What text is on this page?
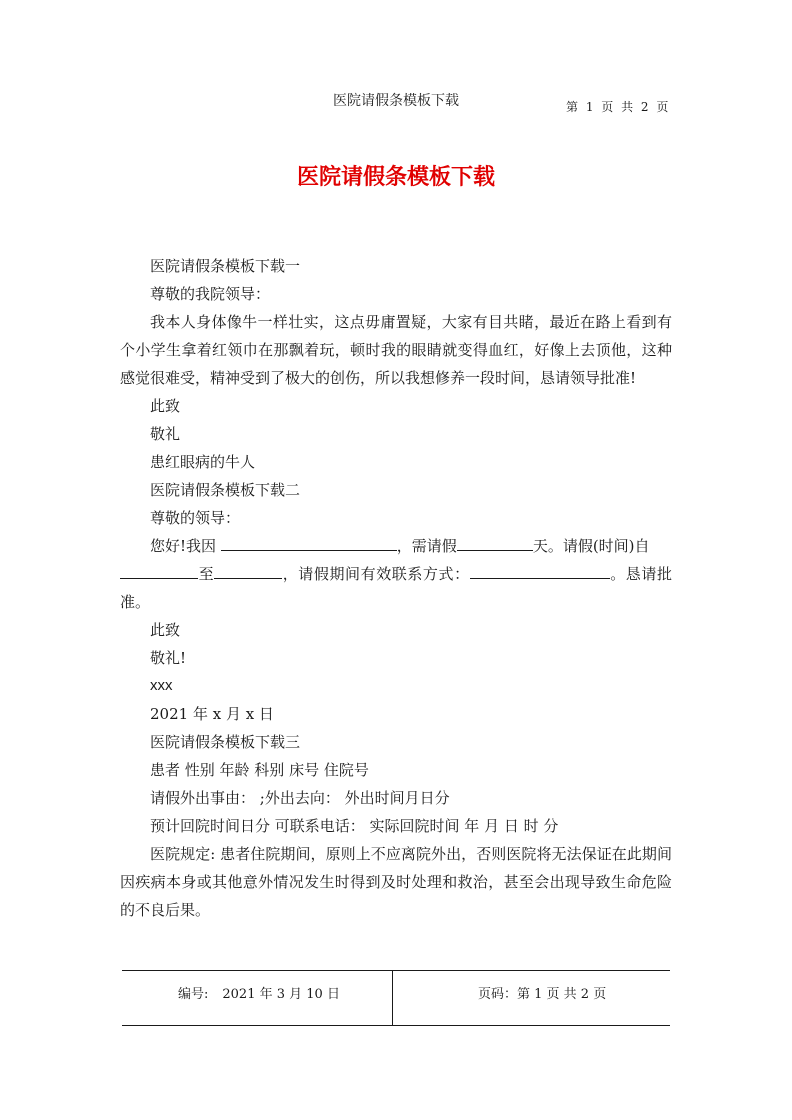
医院请假条模板下载	第 1 页 共 2 页
医院请假条模板下载

医院请假条模板下载一

尊敬的我院领导：

我本人身体像牛一样壮实，这点毋庸置疑，大家有目共睹，最近在路上看到有个小学生拿着红领巾在那飘着玩，顿时我的眼睛就变得血红，好像上去顶他，这种感觉很难受，精神受到了极大的创伤，所以我想修养一段时间，恳请领导批准!

此致

敬礼

患红眼病的牛人

医院请假条模板下载二

尊敬的领导：

您好!我因	，需请假	天。请假(时间)自
至	，请假期间有效联系方式：	。恳请批准。

此致

敬礼!

xxx

2021 年 x 月 x 日

医院请假条模板下载三

患者 性别 年龄 科别 床号 住院号

请假外出事由： ;外出去向： 外出时间月日分

预计回院时间日分 可联系电话： 实际回院时间 年 月 日 时 分

医院规定: 患者住院期间，原则上不应离院外出，否则医院将无法保证在此期间因疾病本身或其他意外情况发生时得到及时处理和救治，甚至会出现导致生命危险的不良后果。

编号: 2021 年 3 月 10 日	页码：第 1 页 共 2 页
